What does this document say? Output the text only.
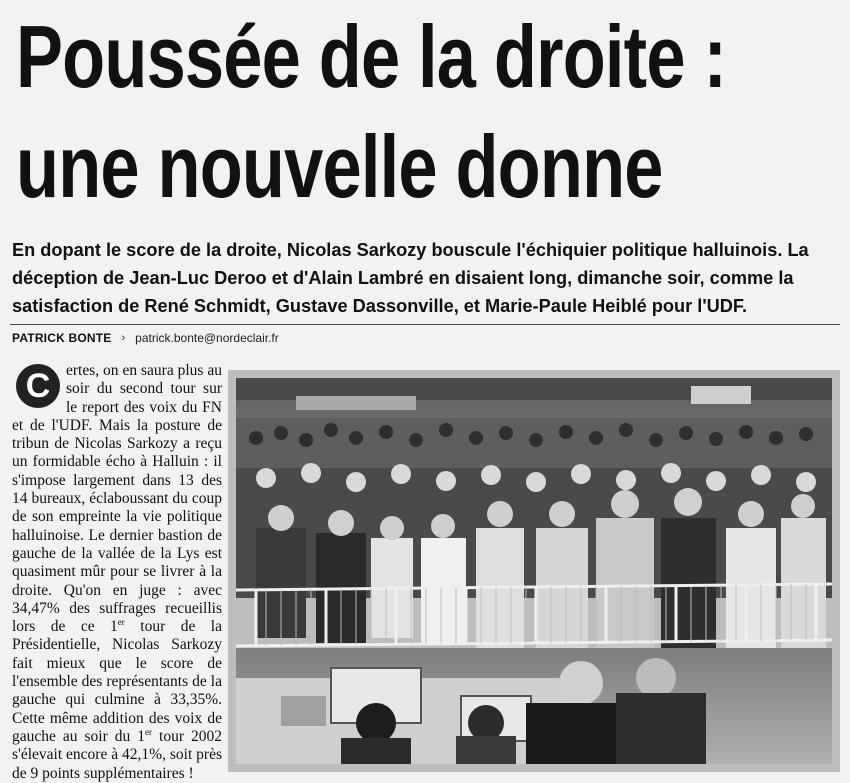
Poussée de la droite :
une nouvelle donne

En dopant le score de la droite, Nicolas Sarkozy bouscule l'échiquier politique halluinois. La déception de Jean-Luc Deroo et d'Alain Lambré en disaient long, dimanche soir, comme la satisfaction de René Schmidt, Gustave Dassonville, et Marie-Paule Heiblé pour l'UDF.

PATRICK BONTE › patrick.bonte@nordeclair.fr
C	ertes, on en saura plus au soir du second tour sur le report des voix du FN et de l'UDF. Mais la posture de tribun de Nicolas Sarkozy a reçu un formidable écho à Halluin : il s'impose largement dans 13 des 14 bureaux, éclaboussant du coup de son empreinte la vie politique halluinoise. Le dernier bastion de gauche de la vallée de la Lys est quasiment mûr pour se livrer à la droite. Qu'on en juge : avec 34,47% des suffrages recueillis lors de ce 1er tour de la Présidentielle, Nicolas Sarkozy fait mieux que le score de l'ensemble des représentants de la gauche qui culmine à 33,35%. Cette même addition des voix de gauche au soir du 1er tour 2002 s'élevait encore à 42,1%, soit près de 9 points supplémentaires !
